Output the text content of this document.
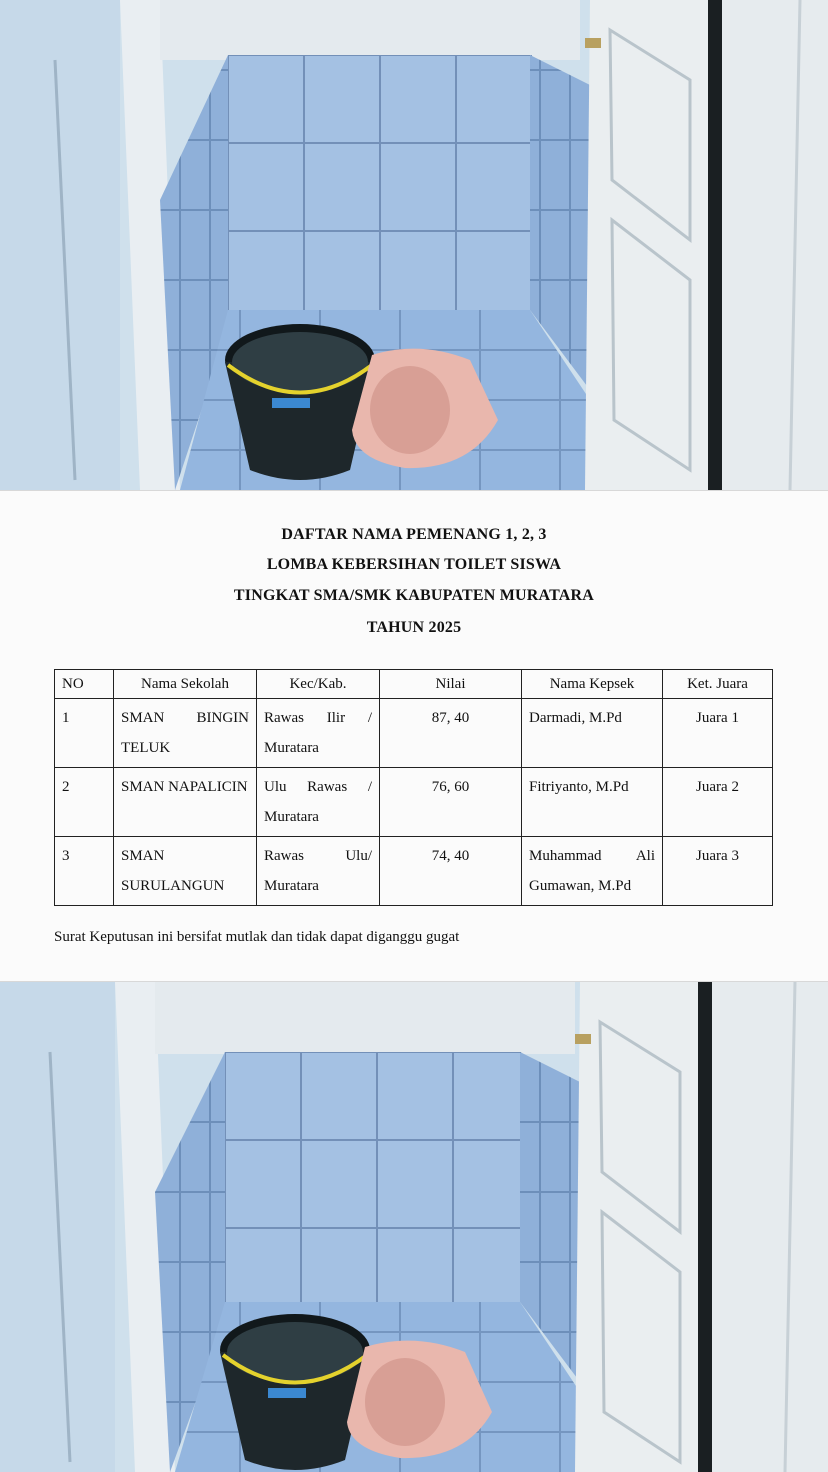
DAFTAR NAMA PEMENANG 1, 2, 3
LOMBA KEBERSIHAN TOILET SISWA
TINGKAT SMA/SMK KABUPATEN MURATARA
TAHUN 2025
NO	Nama Sekolah	Kec/Kab.	Nilai	Nama Kepsek	Ket. Juara
1	SMAN BINGIN TELUK	Rawas Ilir / Muratara	87, 40	Darmadi, M.Pd	Juara 1
2	SMAN NAPALICIN	Ulu Rawas / Muratara	76, 60	Fitriyanto, M.Pd	Juara 2
3	SMAN SURULANGUN	Rawas Ulu/ Muratara	74, 40	Muhammad Ali Gumawan, M.Pd	Juara 3
Surat Keputusan ini bersifat mutlak dan tidak dapat diganggu gugat
